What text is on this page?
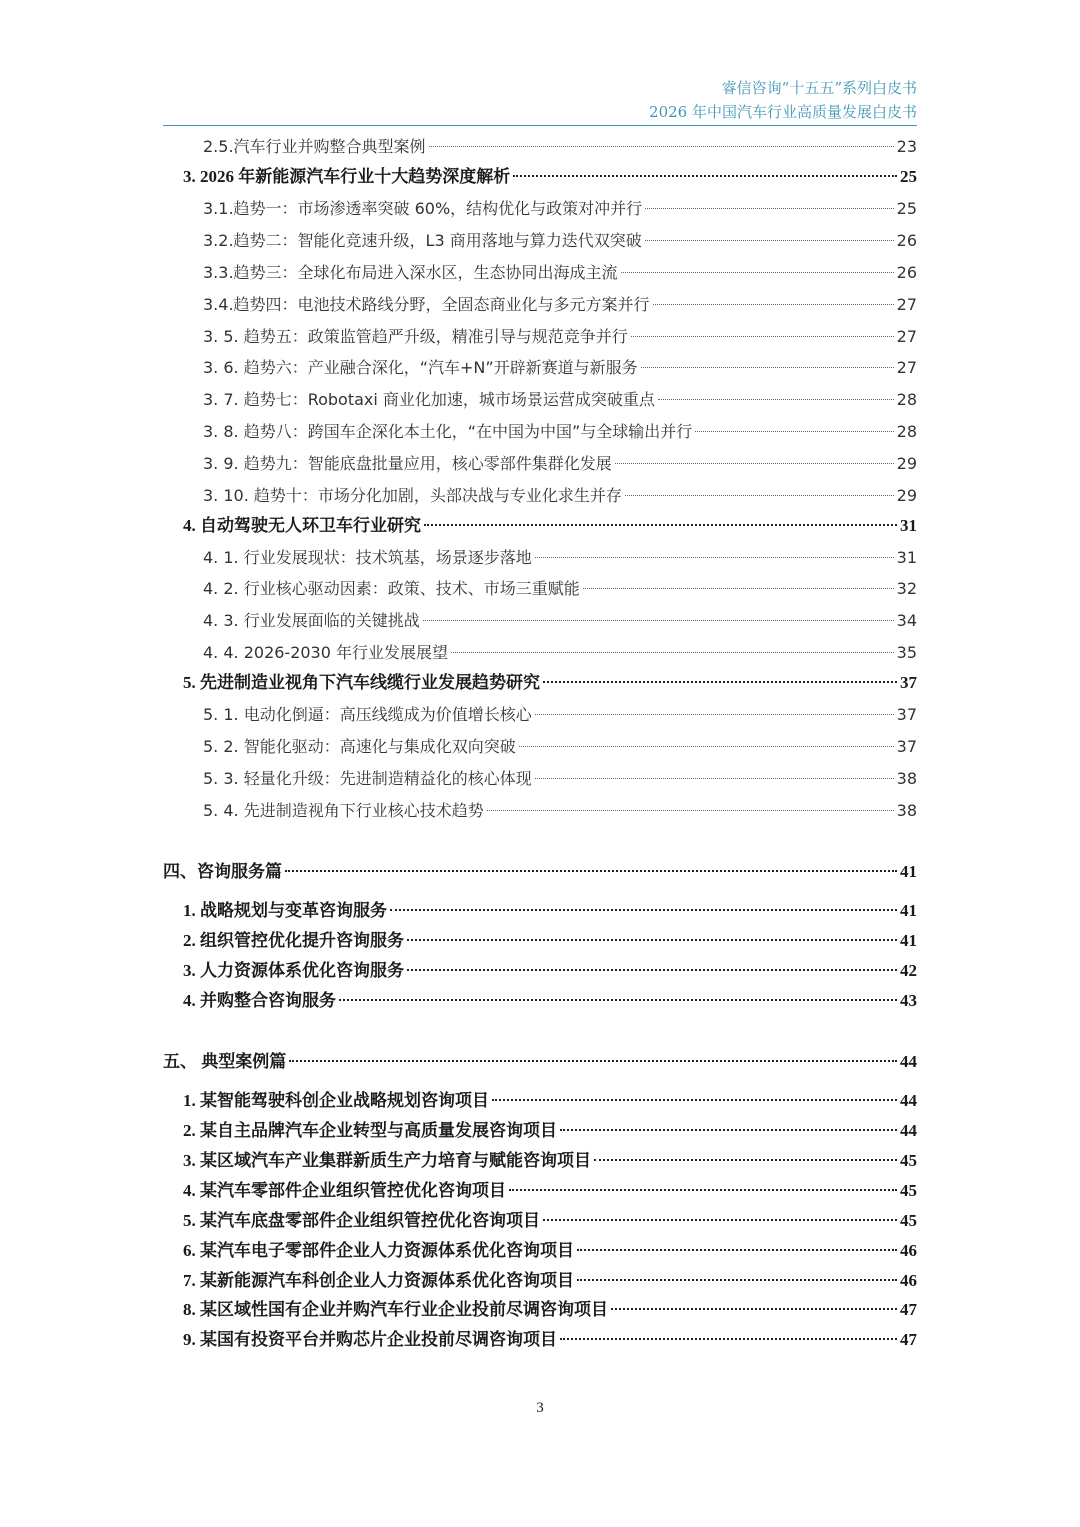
睿信咨询“十五五”系列白皮书
2026 年中国汽车行业高质量发展白皮书
2.5.汽车行业并购整合典型案例	23
3. 2026 年新能源汽车行业十大趋势深度解析	25
3.1.趋势一：市场渗透率突破 60%，结构优化与政策对冲并行	25
3.2.趋势二：智能化竞速升级，L3 商用落地与算力迭代双突破	26
3.3.趋势三：全球化布局进入深水区，生态协同出海成主流	26
3.4.趋势四：电池技术路线分野，全固态商业化与多元方案并行	27
3. 5. 趋势五：政策监管趋严升级，精准引导与规范竞争并行	27
3. 6. 趋势六：产业融合深化，“汽车+N”开辟新赛道与新服务	27
3. 7. 趋势七：Robotaxi 商业化加速，城市场景运营成突破重点	28
3. 8. 趋势八：跨国车企深化本土化，“在中国为中国”与全球输出并行	28
3. 9. 趋势九：智能底盘批量应用，核心零部件集群化发展	29
3. 10. 趋势十：市场分化加剧，头部决战与专业化求生并存	29
4. 自动驾驶无人环卫车行业研究	31
4. 1. 行业发展现状：技术筑基，场景逐步落地	31
4. 2. 行业核心驱动因素：政策、技术、市场三重赋能	32
4. 3. 行业发展面临的关键挑战	34
4. 4. 2026-2030 年行业发展展望	35
5. 先进制造业视角下汽车线缆行业发展趋势研究	37
5. 1. 电动化倒逼：高压线缆成为价值增长核心	37
5. 2. 智能化驱动：高速化与集成化双向突破	37
5. 3. 轻量化升级：先进制造精益化的核心体现	38
5. 4. 先进制造视角下行业核心技术趋势	38
四、咨询服务篇	41
1. 战略规划与变革咨询服务	41
2. 组织管控优化提升咨询服务	41
3. 人力资源体系优化咨询服务	42
4. 并购整合咨询服务	43
五、 典型案例篇	44
1. 某智能驾驶科创企业战略规划咨询项目	44
2. 某自主品牌汽车企业转型与高质量发展咨询项目	44
3. 某区域汽车产业集群新质生产力培育与赋能咨询项目	45
4. 某汽车零部件企业组织管控优化咨询项目	45
5. 某汽车底盘零部件企业组织管控优化咨询项目	45
6. 某汽车电子零部件企业人力资源体系优化咨询项目	46
7. 某新能源汽车科创企业人力资源体系优化咨询项目	46
8. 某区域性国有企业并购汽车行业企业投前尽调咨询项目	47
9. 某国有投资平台并购芯片企业投前尽调咨询项目	47
3
